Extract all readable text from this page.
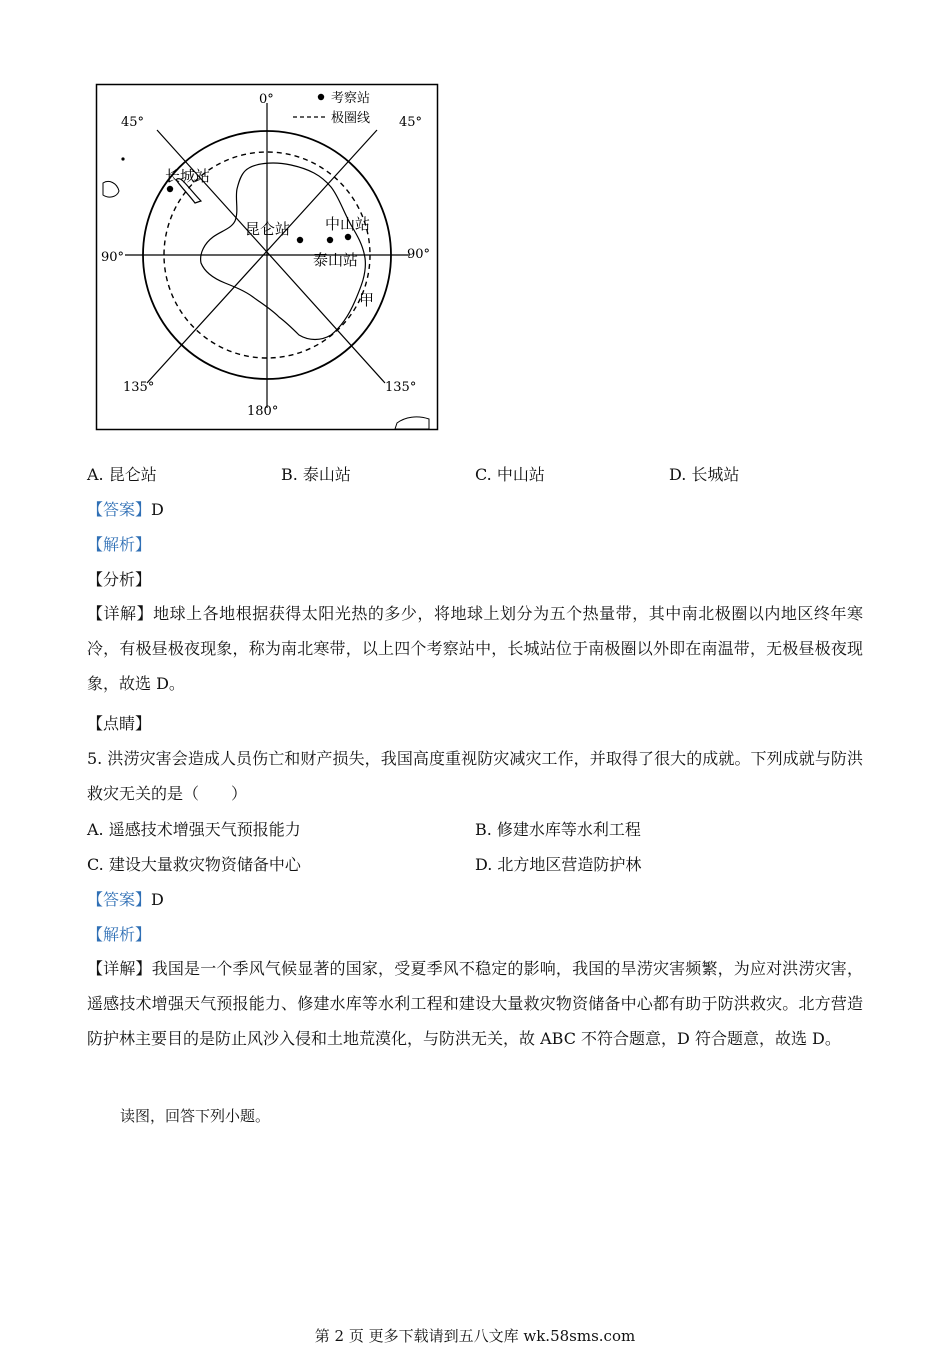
考察站
极圈线
0°
45°	45°
90°	90°
135°	135°
180°
长城站
昆仑站 中山站
泰山站
甲
A. 昆仑站	B. 泰山站	C. 中山站	D. 长城站
【答案】D
【解析】
【分析】
【详解】地球上各地根据获得太阳光热的多少，将地球上划分为五个热量带，其中南北极圈以内地区终年寒冷，有极昼极夜现象，称为南北寒带，以上四个考察站中，长城站位于南极圈以外即在南温带，无极昼极夜现象，故选 D。
【点睛】
5. 洪涝灾害会造成人员伤亡和财产损失，我国高度重视防灾减灾工作，并取得了很大的成就。下列成就与防洪救灾无关的是（　　）
A. 遥感技术增强天气预报能力	B. 修建水库等水利工程
C. 建设大量救灾物资储备中心	D. 北方地区营造防护林
【答案】D
【解析】
【详解】我国是一个季风气候显著的国家，受夏季风不稳定的影响，我国的旱涝灾害频繁，为应对洪涝灾害，遥感技术增强天气预报能力、修建水库等水利工程和建设大量救灾物资储备中心都有助于防洪救灾。北方营造防护林主要目的是防止风沙入侵和土地荒漠化，与防洪无关，故 ABC 不符合题意，D 符合题意，故选 D。
读图，回答下列小题。
第 2 页 更多下载请到五八文库 wk.58sms.com
